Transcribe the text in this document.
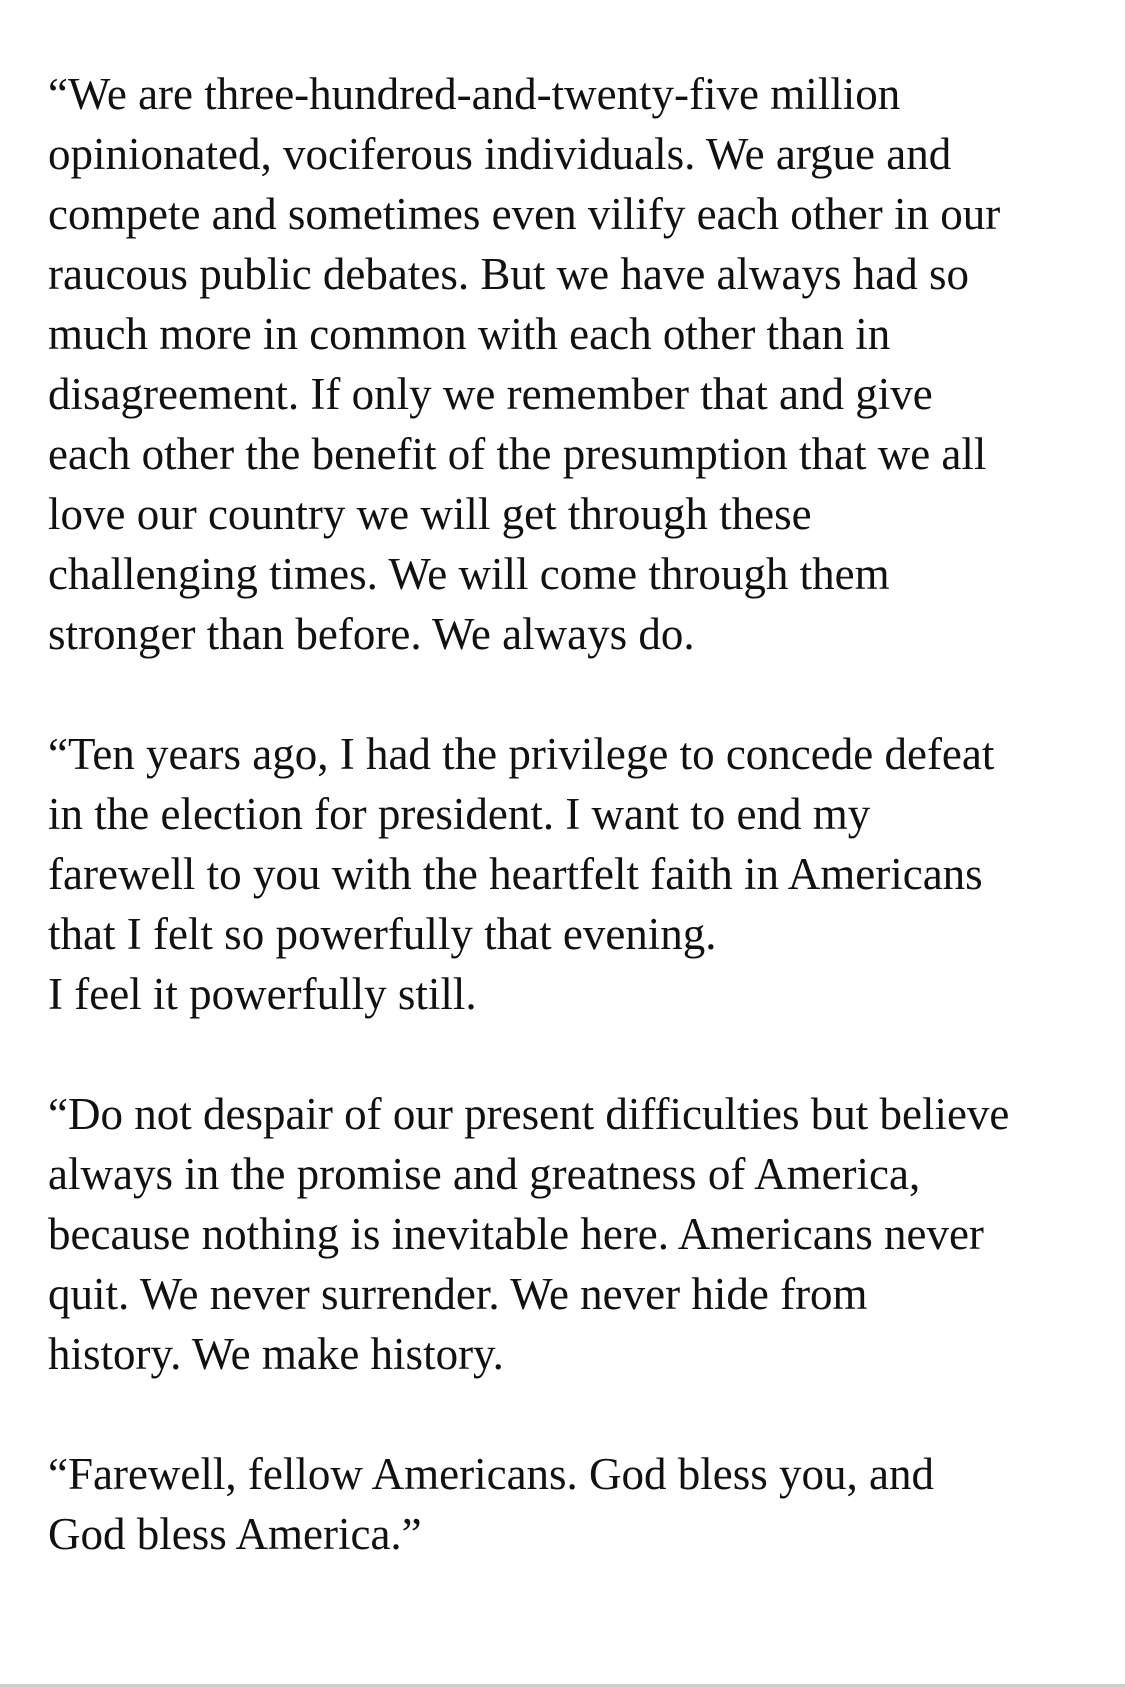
“We are three-hundred-and-twenty-five million
opinionated, vociferous individuals. We argue and
compete and sometimes even vilify each other in our
raucous public debates. But we have always had so
much more in common with each other than in
disagreement. If only we remember that and give
each other the benefit of the presumption that we all
love our country we will get through these
challenging times. We will come through them
stronger than before. We always do.

“Ten years ago, I had the privilege to concede defeat
in the election for president. I want to end my
farewell to you with the heartfelt faith in Americans
that I felt so powerfully that evening.
I feel it powerfully still.

“Do not despair of our present difficulties but believe
always in the promise and greatness of America,
because nothing is inevitable here. Americans never
quit. We never surrender. We never hide from
history. We make history.

“Farewell, fellow Americans. God bless you, and
God bless America.”
